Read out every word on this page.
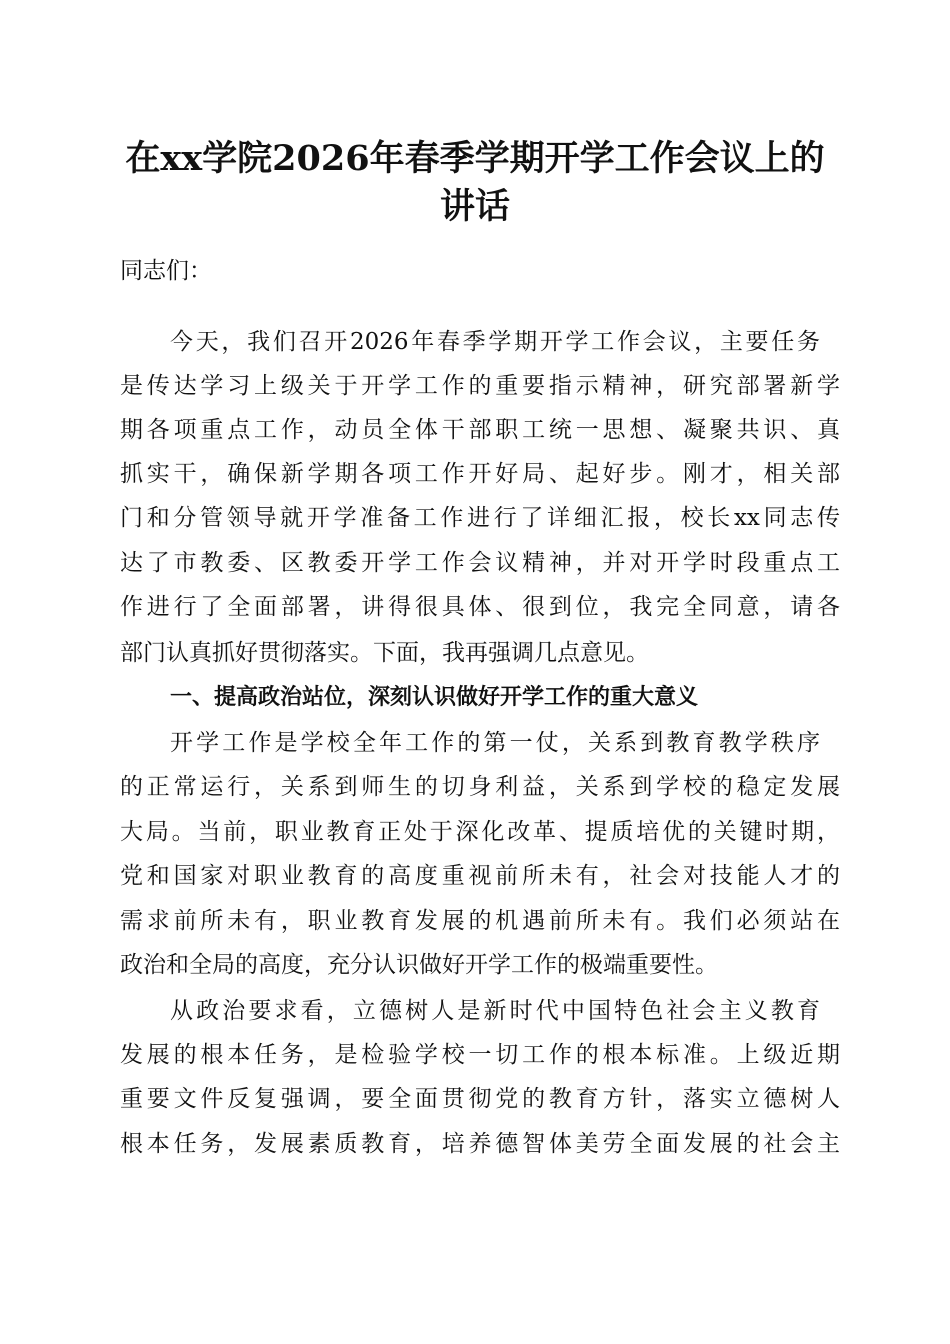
在xx学院2026年春季学期开学工作会议上的
讲话

同志们：

今天，我们召开2026年春季学期开学工作会议，主要任务

是传达学习上级关于开学工作的重要指示精神，研究部署新学

期各项重点工作，动员全体干部职工统一思想、凝聚共识、真

抓实干，确保新学期各项工作开好局、起好步。刚才，相关部

门和分管领导就开学准备工作进行了详细汇报，校长xx同志传

达了市教委、区教委开学工作会议精神，并对开学时段重点工

作进行了全面部署，讲得很具体、很到位，我完全同意，请各

部门认真抓好贯彻落实。下面，我再强调几点意见。

一、提高政治站位，深刻认识做好开学工作的重大意义

开学工作是学校全年工作的第一仗，关系到教育教学秩序

的正常运行，关系到师生的切身利益，关系到学校的稳定发展

大局。当前，职业教育正处于深化改革、提质培优的关键时期，

党和国家对职业教育的高度重视前所未有，社会对技能人才的

需求前所未有，职业教育发展的机遇前所未有。我们必须站在

政治和全局的高度，充分认识做好开学工作的极端重要性。

从政治要求看，立德树人是新时代中国特色社会主义教育

发展的根本任务，是检验学校一切工作的根本标准。上级近期

重要文件反复强调，要全面贯彻党的教育方针，落实立德树人

根本任务，发展素质教育，培养德智体美劳全面发展的社会主
